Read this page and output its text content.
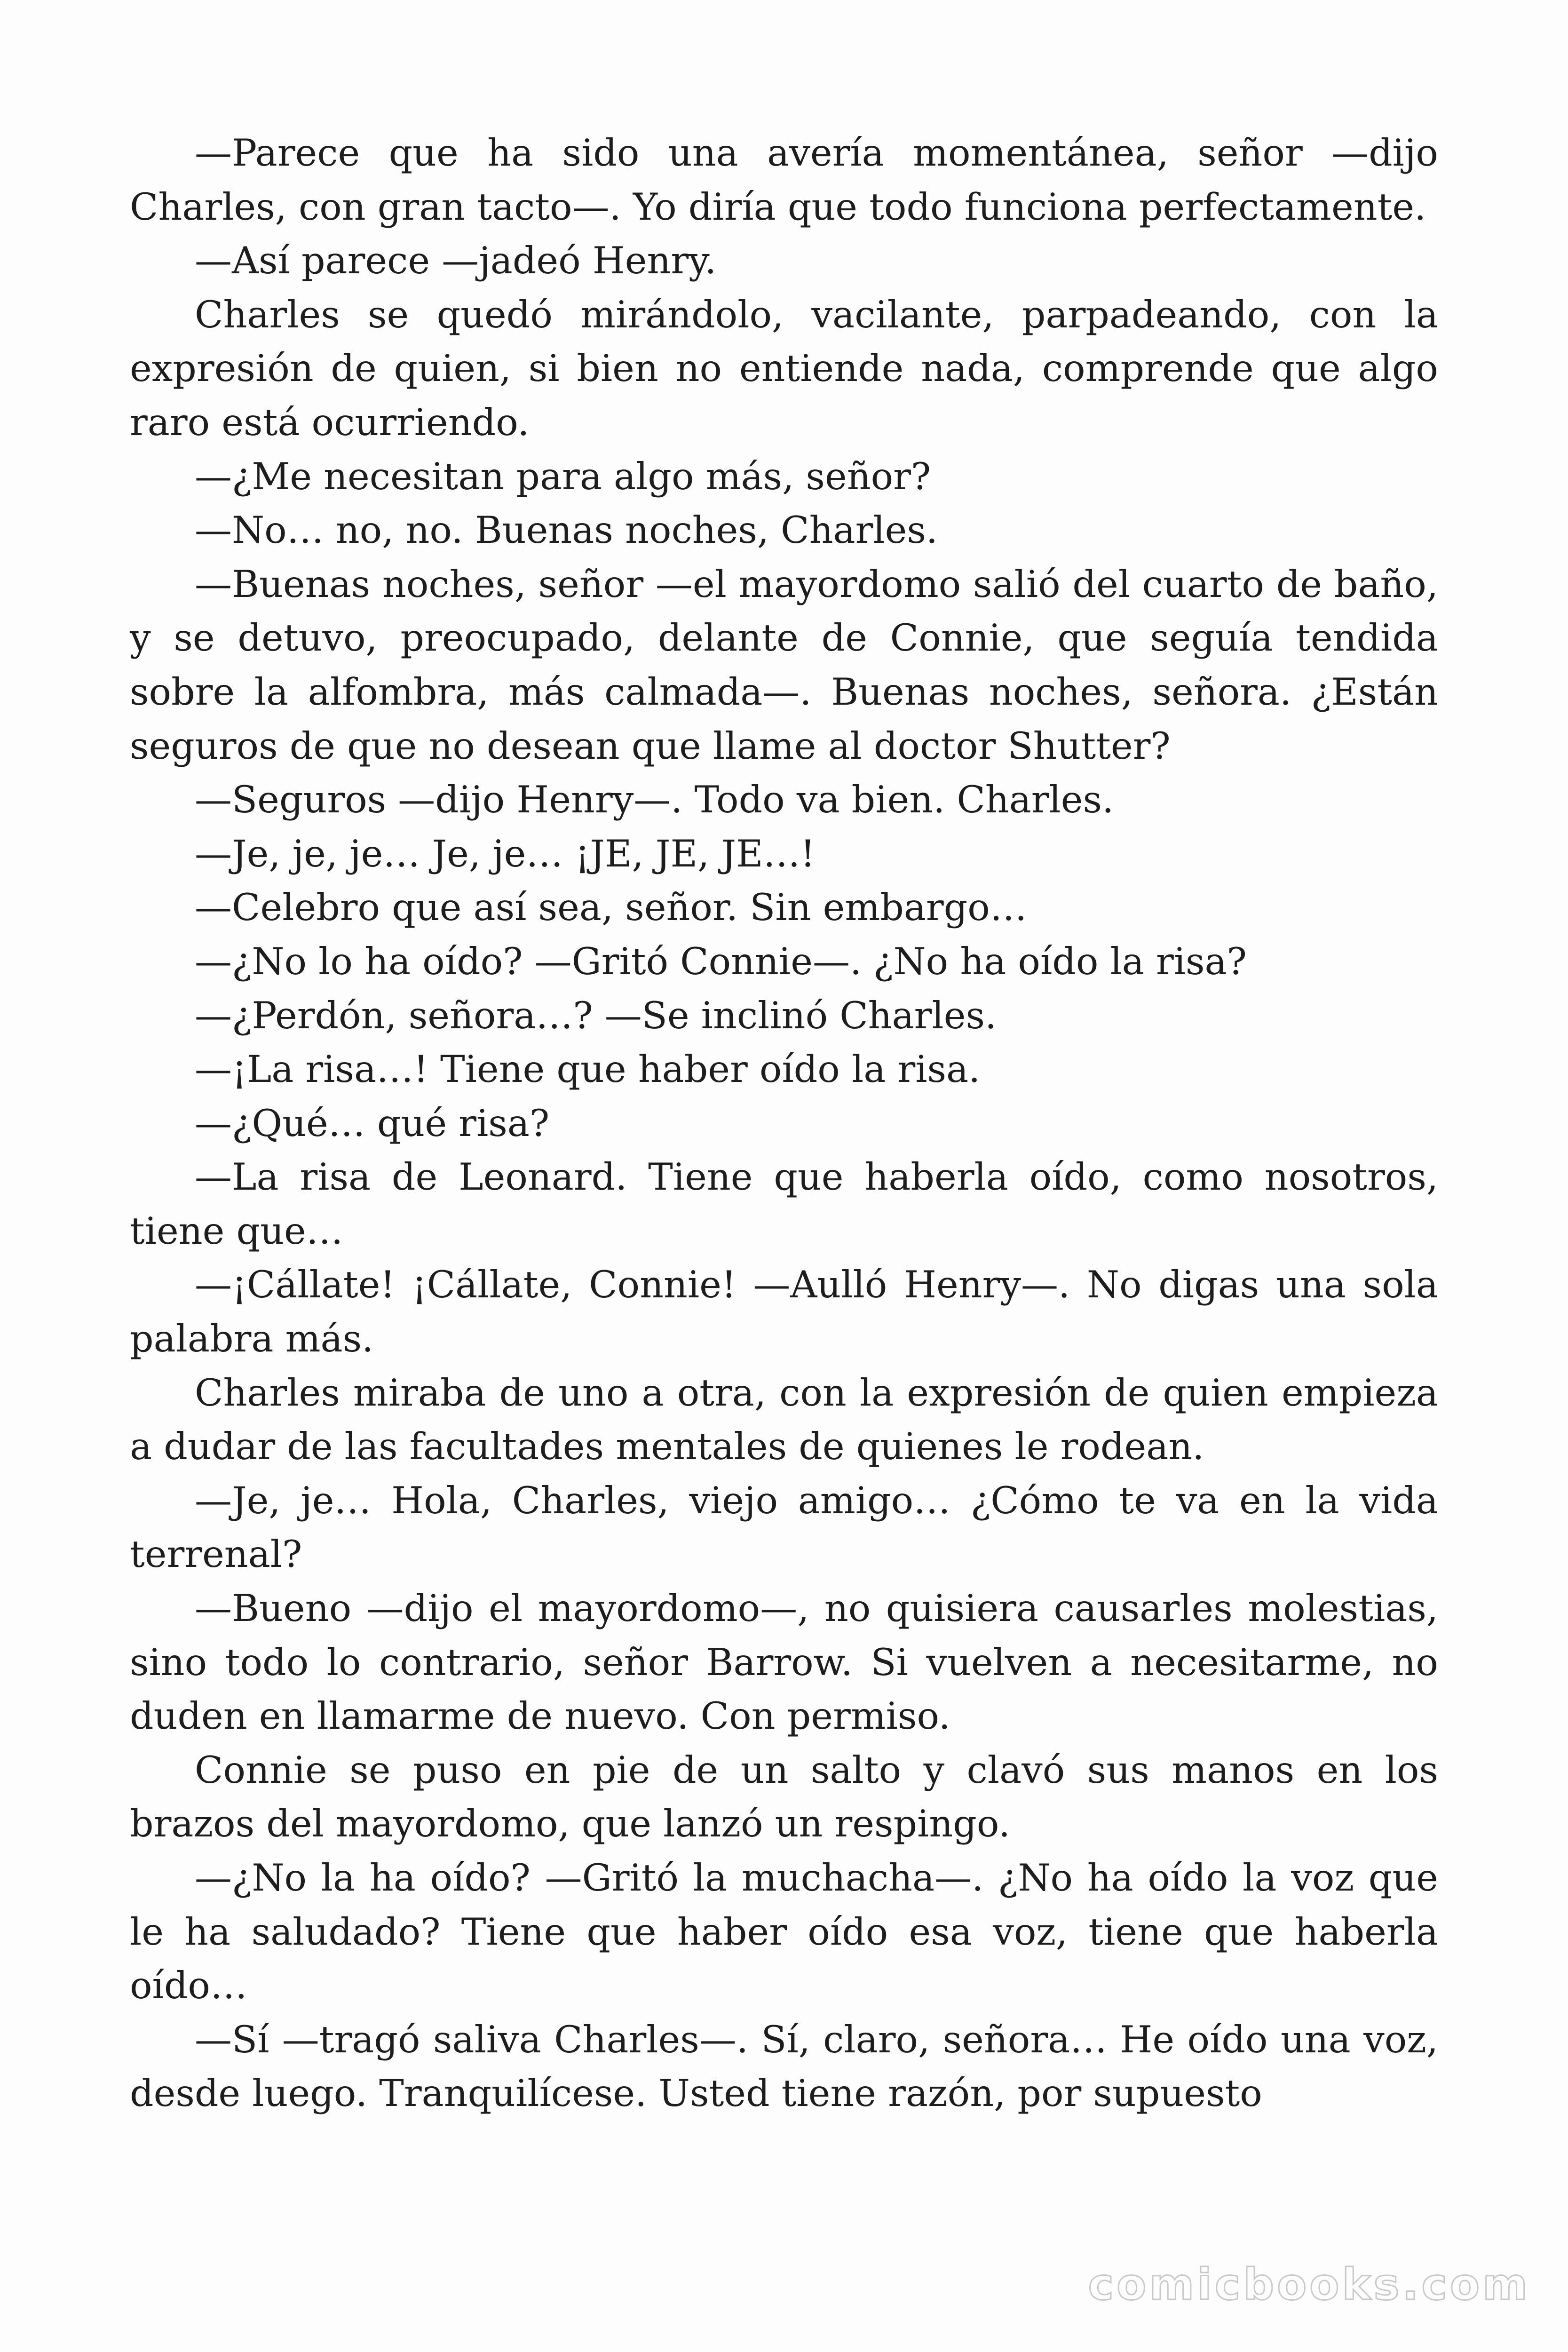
—Parece que ha sido una avería momentánea, señor —dijo Charles, con gran tacto—. Yo diría que todo funciona perfectamente.

—Así parece —jadeó Henry.

Charles se quedó mirándolo, vacilante, parpadeando, con la expresión de quien, si bien no entiende nada, comprende que algo raro está ocurriendo.

—¿Me necesitan para algo más, señor?

—No… no, no. Buenas noches, Charles.

—Buenas noches, señor —el mayordomo salió del cuarto de baño, y se detuvo, preocupado, delante de Connie, que seguía tendida sobre la alfombra, más calmada—. Buenas noches, señora. ¿Están seguros de que no desean que llame al doctor Shutter?

—Seguros —dijo Henry—. Todo va bien. Charles.

—Je, je, je… Je, je… ¡JE, JE, JE…!

—Celebro que así sea, señor. Sin embargo…

—¿No lo ha oído? —Gritó Connie—. ¿No ha oído la risa?

—¿Perdón, señora…? —Se inclinó Charles.

—¡La risa…! Tiene que haber oído la risa.

—¿Qué… qué risa?

—La risa de Leonard. Tiene que haberla oído, como nosotros, tiene que…

—¡Cállate! ¡Cállate, Connie! —Aulló Henry—. No digas una sola palabra más.

Charles miraba de uno a otra, con la expresión de quien empieza a dudar de las facultades mentales de quienes le rodean.

—Je, je… Hola, Charles, viejo amigo… ¿Cómo te va en la vida terrenal?

—Bueno —dijo el mayordomo—, no quisiera causarles molestias, sino todo lo contrario, señor Barrow. Si vuelven a necesitarme, no duden en llamarme de nuevo. Con permiso.

Connie se puso en pie de un salto y clavó sus manos en los brazos del mayordomo, que lanzó un respingo.

—¿No la ha oído? —Gritó la muchacha—. ¿No ha oído la voz que le ha saludado? Tiene que haber oído esa voz, tiene que haberla oído…

—Sí —tragó saliva Charles—. Sí, claro, señora… He oído una voz, desde luego. Tranquilícese. Usted tiene razón, por supuesto

comicbooks.com
